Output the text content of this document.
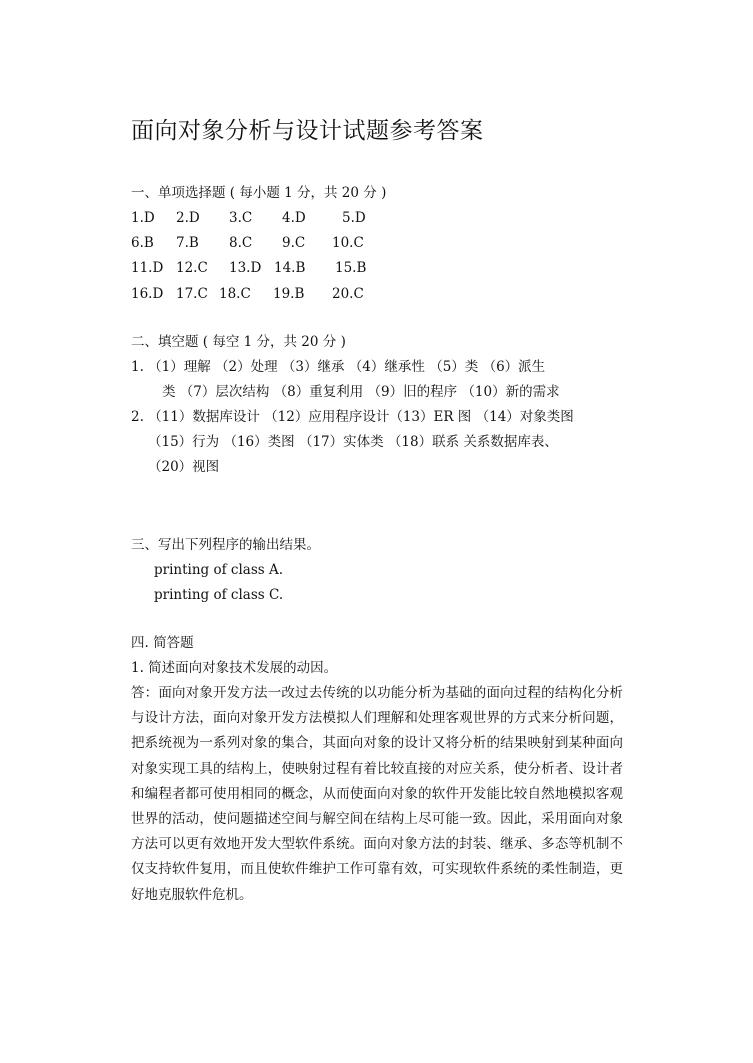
面向对象分析与设计试题参考答案
一、单项选择题 ( 每小题 1 分，共 20 分 )
1.D 2.D 3.C 4.D	5.D
6.B 7.B 8.C 9.C 10.C
11.D 12.C 13.D 14.B 15.B
16.D 17.C 18.C 19.B 20.C
二、填空题 ( 每空 1 分，共 20 分 )
1. （1）理解 （2）处理 （3）继承 （4）继承性 （5）类 （6）派生
类 （7）层次结构 （8）重复利用 （9）旧的程序 （10）新的需求
2. （11）数据库设计 （12）应用程序设计（13）ER 图 （14）对象类图
（15）行为 （16）类图 （17）实体类 （18）联系 关系数据库表、
（20）视图
三、写出下列程序的输出结果。
printing of class A.
printing of class C.
四. 简答题
1. 简述面向对象技术发展的动因。
答：面向对象开发方法一改过去传统的以功能分析为基础的面向过程的结构化分析与设计方法，面向对象开发方法模拟人们理解和处理客观世界的方式来分析问题，把系统视为一系列对象的集合，其面向对象的设计又将分析的结果映射到某种面向对象实现工具的结构上，使映射过程有着比较直接的对应关系，使分析者、设计者和编程者都可使用相同的概念，从而使面向对象的软件开发能比较自然地模拟客观世界的活动，使问题描述空间与解空间在结构上尽可能一致。因此，采用面向对象方法可以更有效地开发大型软件系统。面向对象方法的封装、继承、多态等机制不仅支持软件复用，而且使软件维护工作可靠有效，可实现软件系统的柔性制造，更好地克服软件危机。
